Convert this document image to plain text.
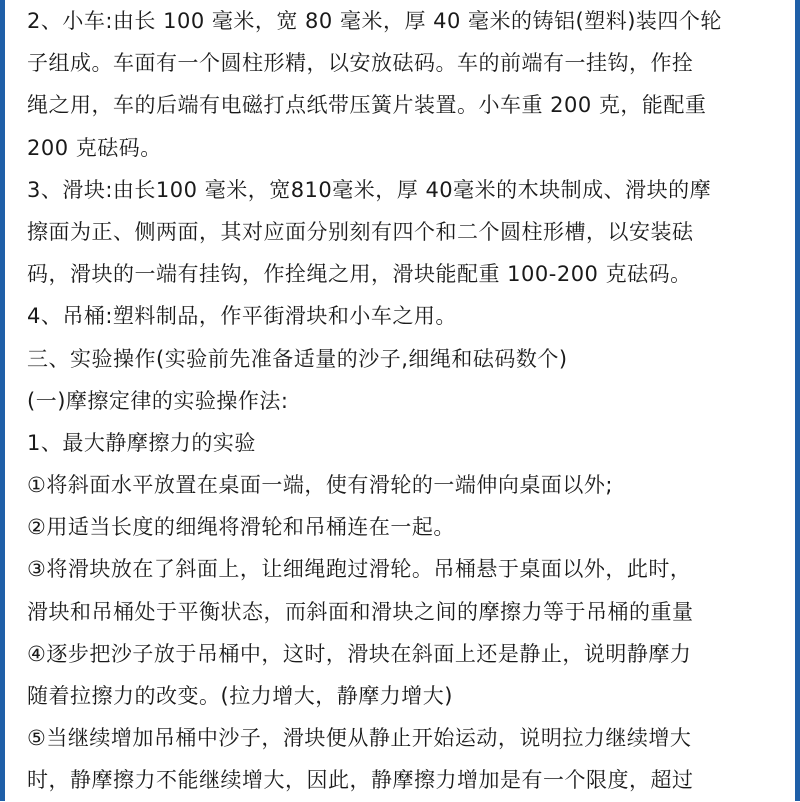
2、小车:由长 100 毫米，宽 80 毫米，厚 40 毫米的铸铝(塑料)装四个轮
子组成。车面有一个圆柱形精，以安放砝码。车的前端有一挂钩，作拴
绳之用，车的后端有电磁打点纸带压簧片装置。小车重 200 克，能配重
200 克砝码。
3、滑块:由长100 毫米，宽810毫米，厚 40毫米的木块制成、滑块的摩
擦面为正、侧两面，其对应面分别刻有四个和二个圆柱形槽，以安装砝
码，滑块的一端有挂钩，作拴绳之用，滑块能配重 100-200 克砝码。
4、吊桶:塑料制品，作平街滑块和小车之用。
三、实验操作(实验前先准备适量的沙子,细绳和砝码数个)
(一)摩擦定律的实验操作法:
1、最大静摩擦力的实验
①将斜面水平放置在桌面一端，使有滑轮的一端伸向桌面以外;
②用适当长度的细绳将滑轮和吊桶连在一起。
③将滑块放在了斜面上，让细绳跑过滑轮。吊桶悬于桌面以外，此时，
滑块和吊桶处于平衡状态，而斜面和滑块之间的摩擦力等于吊桶的重量
④逐步把沙子放于吊桶中，这时，滑块在斜面上还是静止，说明静摩力
随着拉擦力的改变。(拉力增大，静摩力增大)
⑤当继续增加吊桶中沙子，滑块便从静止开始运动，说明拉力继续增大
时，静摩擦力不能继续增大，因此，静摩擦力增加是有一个限度，超过
